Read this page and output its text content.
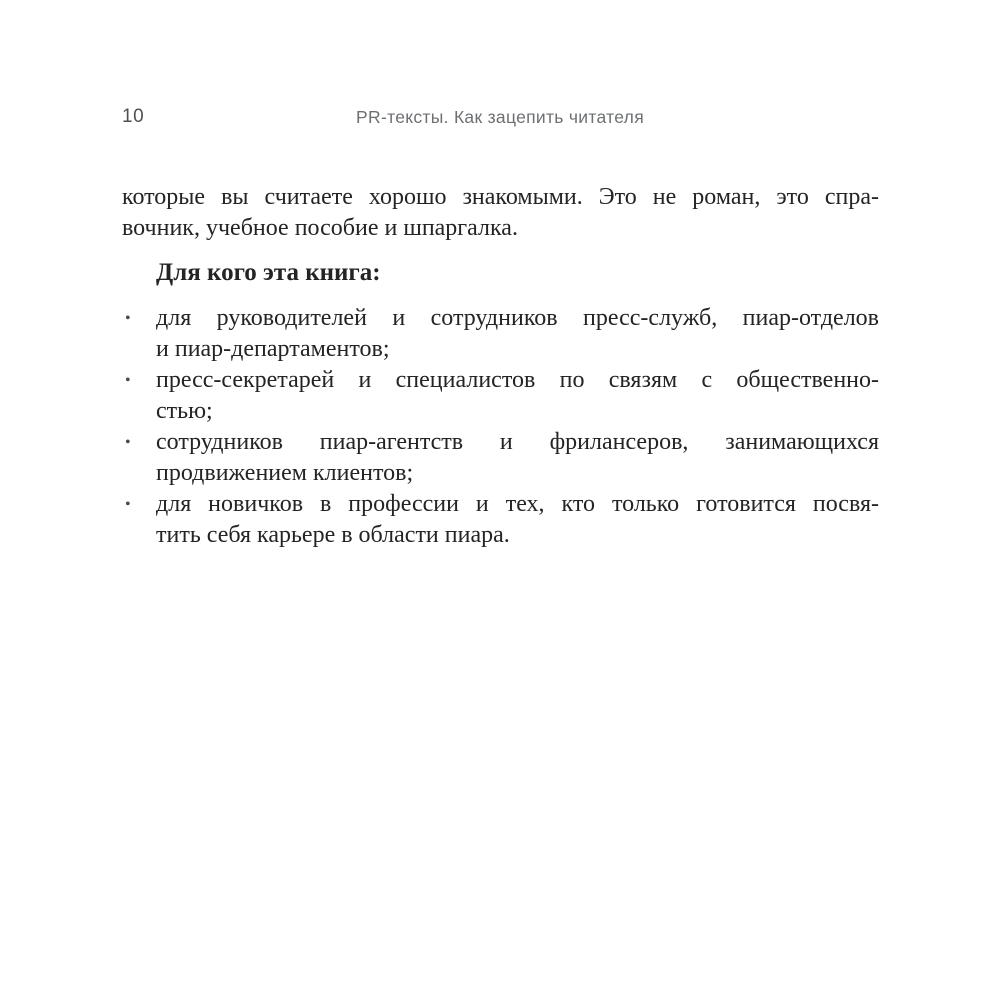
10	PR-тексты. Как зацепить читателя
которые вы считаете хорошо знакомыми. Это не роман, это спра-
вочник, учебное пособие и шпаргалка.
Для кого эта книга:
•	для руководителей и сотрудников пресс-служб, пиар-отделов
и пиар-департаментов;
•	пресс-секретарей и специалистов по связям с общественно-
стью;
•	сотрудников пиар-агентств и фрилансеров, занимающихся
продвижением клиентов;
•	для новичков в профессии и тех, кто только готовится посвя-
тить себя карьере в области пиара.
